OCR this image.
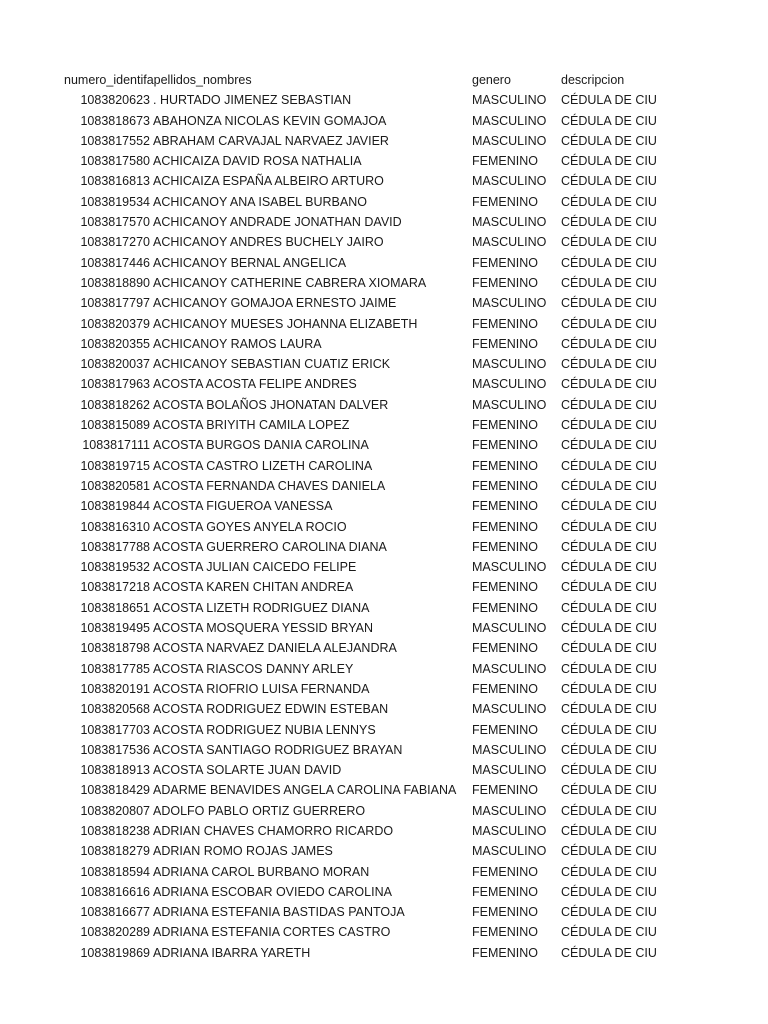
numero_identifapellidos_nombres	genero	descripcion
1083820623 . HURTADO JIMENEZ SEBASTIAN	MASCULINO CÉDULA DE CIU
1083818673 ABAHONZA NICOLAS KEVIN GOMAJOA	MASCULINO CÉDULA DE CIU
1083817552 ABRAHAM CARVAJAL NARVAEZ JAVIER	MASCULINO CÉDULA DE CIU
1083817580 ACHICAIZA DAVID ROSA NATHALIA	FEMENINO CÉDULA DE CIU
1083816813 ACHICAIZA ESPAÑA ALBEIRO ARTURO	MASCULINO CÉDULA DE CIU
1083819534 ACHICANOY ANA ISABEL BURBANO	FEMENINO CÉDULA DE CIU
1083817570 ACHICANOY ANDRADE JONATHAN DAVID	MASCULINO CÉDULA DE CIU
1083817270 ACHICANOY ANDRES BUCHELY JAIRO	MASCULINO CÉDULA DE CIU
1083817446 ACHICANOY BERNAL ANGELICA	FEMENINO CÉDULA DE CIU
1083818890 ACHICANOY CATHERINE CABRERA XIOMARA	FEMENINO CÉDULA DE CIU
1083817797 ACHICANOY GOMAJOA ERNESTO JAIME	MASCULINO CÉDULA DE CIU
1083820379 ACHICANOY MUESES JOHANNA ELIZABETH	FEMENINO CÉDULA DE CIU
1083820355 ACHICANOY RAMOS LAURA	FEMENINO CÉDULA DE CIU
1083820037 ACHICANOY SEBASTIAN CUATIZ ERICK	MASCULINO CÉDULA DE CIU
1083817963 ACOSTA ACOSTA FELIPE ANDRES	MASCULINO CÉDULA DE CIU
1083818262 ACOSTA BOLAÑOS JHONATAN DALVER	MASCULINO CÉDULA DE CIU
1083815089 ACOSTA BRIYITH CAMILA LOPEZ	FEMENINO CÉDULA DE CIU
1083817111 ACOSTA BURGOS DANIA CAROLINA	FEMENINO CÉDULA DE CIU
1083819715 ACOSTA CASTRO LIZETH CAROLINA	FEMENINO CÉDULA DE CIU
1083820581 ACOSTA FERNANDA CHAVES DANIELA	FEMENINO CÉDULA DE CIU
1083819844 ACOSTA FIGUEROA VANESSA	FEMENINO CÉDULA DE CIU
1083816310 ACOSTA GOYES ANYELA ROCIO	FEMENINO CÉDULA DE CIU
1083817788 ACOSTA GUERRERO CAROLINA DIANA	FEMENINO CÉDULA DE CIU
1083819532 ACOSTA JULIAN CAICEDO FELIPE	MASCULINO CÉDULA DE CIU
1083817218 ACOSTA KAREN CHITAN ANDREA	FEMENINO CÉDULA DE CIU
1083818651 ACOSTA LIZETH RODRIGUEZ DIANA	FEMENINO CÉDULA DE CIU
1083819495 ACOSTA MOSQUERA YESSID BRYAN	MASCULINO CÉDULA DE CIU
1083818798 ACOSTA NARVAEZ DANIELA ALEJANDRA	FEMENINO CÉDULA DE CIU
1083817785 ACOSTA RIASCOS DANNY ARLEY	MASCULINO CÉDULA DE CIU
1083820191 ACOSTA RIOFRIO LUISA FERNANDA	FEMENINO CÉDULA DE CIU
1083820568 ACOSTA RODRIGUEZ EDWIN ESTEBAN	MASCULINO CÉDULA DE CIU
1083817703 ACOSTA RODRIGUEZ NUBIA LENNYS	FEMENINO CÉDULA DE CIU
1083817536 ACOSTA SANTIAGO RODRIGUEZ BRAYAN	MASCULINO CÉDULA DE CIU
1083818913 ACOSTA SOLARTE JUAN DAVID	MASCULINO CÉDULA DE CIU
1083818429 ADARME BENAVIDES ANGELA CAROLINA FABIANA FEMENINO CÉDULA DE CIU
1083820807 ADOLFO PABLO ORTIZ GUERRERO	MASCULINO CÉDULA DE CIU
1083818238 ADRIAN CHAVES CHAMORRO RICARDO	MASCULINO CÉDULA DE CIU
1083818279 ADRIAN ROMO ROJAS JAMES	MASCULINO CÉDULA DE CIU
1083818594 ADRIANA CAROL BURBANO MORAN	FEMENINO CÉDULA DE CIU
1083816616 ADRIANA ESCOBAR OVIEDO CAROLINA	FEMENINO CÉDULA DE CIU
1083816677 ADRIANA ESTEFANIA BASTIDAS PANTOJA	FEMENINO CÉDULA DE CIU
1083820289 ADRIANA ESTEFANIA CORTES CASTRO	FEMENINO CÉDULA DE CIU
1083819869 ADRIANA IBARRA YARETH	FEMENINO CÉDULA DE CIU
